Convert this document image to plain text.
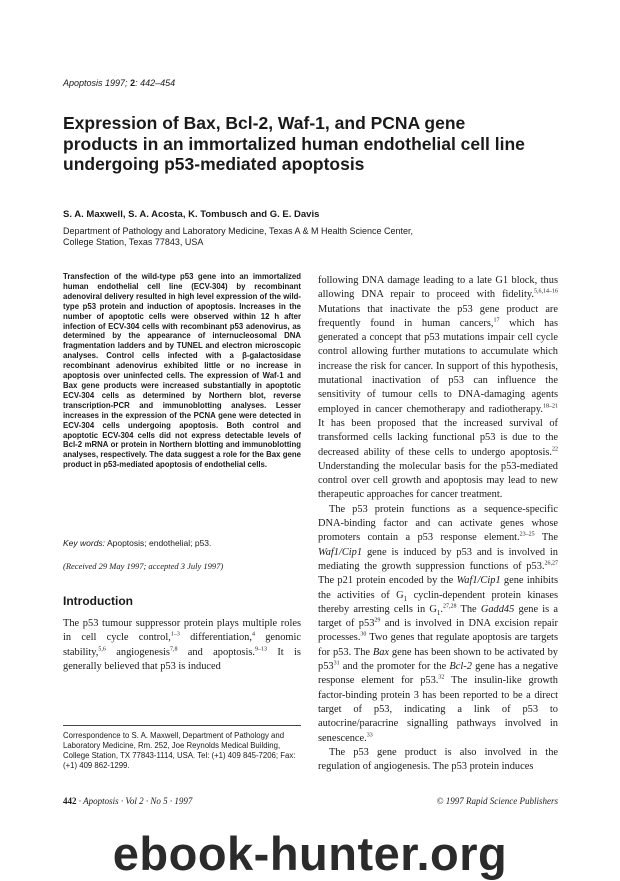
Apoptosis 1997; 2: 442–454
Expression of Bax, Bcl-2, Waf-1, and PCNA gene products in an immortalized human endothelial cell line undergoing p53-mediated apoptosis
S. A. Maxwell, S. A. Acosta, K. Tombusch and G. E. Davis
Department of Pathology and Laboratory Medicine, Texas A & M Health Science Center, College Station, Texas 77843, USA
Transfection of the wild-type p53 gene into an immortalized human endothelial cell line (ECV-304) by recombinant adenoviral delivery resulted in high level expression of the wild-type p53 protein and induction of apoptosis. Increases in the number of apoptotic cells were observed within 12 h after infection of ECV-304 cells with recombinant p53 adenovirus, as determined by the appearance of internucleosomal DNA fragmentation ladders and by TUNEL and electron microscopic analyses. Control cells infected with a β-galactosidase recombinant adenovirus exhibited little or no increase in apoptosis over uninfected cells. The expression of Waf-1 and Bax gene products were increased substantially in apoptotic ECV-304 cells as determined by Northern blot, reverse transcription-PCR and immunoblotting analyses. Lesser increases in the expression of the PCNA gene were detected in ECV-304 cells undergoing apoptosis. Both control and apoptotic ECV-304 cells did not express detectable levels of Bcl-2 mRNA or protein in Northern blotting and immunoblotting analyses, respectively. The data suggest a role for the Bax gene product in p53-mediated apoptosis of endothelial cells.
Key words: Apoptosis; endothelial; p53.
(Received 29 May 1997; accepted 3 July 1997)
Introduction
The p53 tumour suppressor protein plays multiple roles in cell cycle control,$^{1-3}$ differentiation,$^4$ genomic stability,$^{5,6}$ angiogenesis$^{7,8}$ and apoptosis.$^{9-13}$ It is generally believed that p53 is induced

following DNA damage leading to a late G1 block, thus allowing DNA repair to proceed with fidelity.$^{5,6,14-16}$ Mutations that inactivate the p53 gene product are frequently found in human cancers,$^{17}$ which has generated a concept that p53 mutations impair cell cycle control allowing further mutations to accumulate which increase the risk for cancer. In support of this hypothesis, mutational inactivation of p53 can influence the sensitivity of tumour cells to DNA-damaging agents employed in cancer chemotherapy and radiotherapy.$^{18-21}$ It has been proposed that the increased survival of transformed cells lacking functional p53 is due to the decreased ability of these cells to undergo apoptosis.$^{22}$ Understanding the molecular basis for the p53-mediated control over cell growth and apoptosis may lead to new therapeutic approaches for cancer treatment.

The p53 protein functions as a sequence-specific DNA-binding factor and can activate genes whose promoters contain a p53 response element.$^{23-25}$ The Waf1/Cip1 gene is induced by p53 and is involved in mediating the growth suppression functions of p53.$^{26,27}$ The p21 protein encoded by the Waf1/Cip1 gene inhibits the activities of $G_1$ cyclin-dependent protein kinases thereby arresting cells in $G_1.^{27,28}$ The Gadd45 gene is a target of $p53^{29}$ and is involved in DNA excision repair processes.$^{30}$ Two genes that regulate apoptosis are targets for p53. The Bax gene has been shown to be activated by $p53^{31}$ and the promoter for the Bcl-2 gene has a negative response element for p53.32 The insulin-like growth factor-binding protein 3 has been reported to be a direct target of p53, indicating a link of p53 to autocrine/paracrine signalling pathways involved in senescence.$^{33}$

The p53 gene product is also involved in the regulation of angiogenesis. The p53 protein induces

Correspondence to S. A. Maxwell, Department of Pathology and Laboratory Medicine, Rm. 252, Joe Reynolds Medical Building, College Station, TX 77843-1114, USA. Tel: (+1) 409 845-7206; Fax: (+1) 409 862-1299.
442 · Apoptosis · Vol 2 · No 5 · 1997	© 1997 Rapid Science Publishers
ebook-hunter.org
